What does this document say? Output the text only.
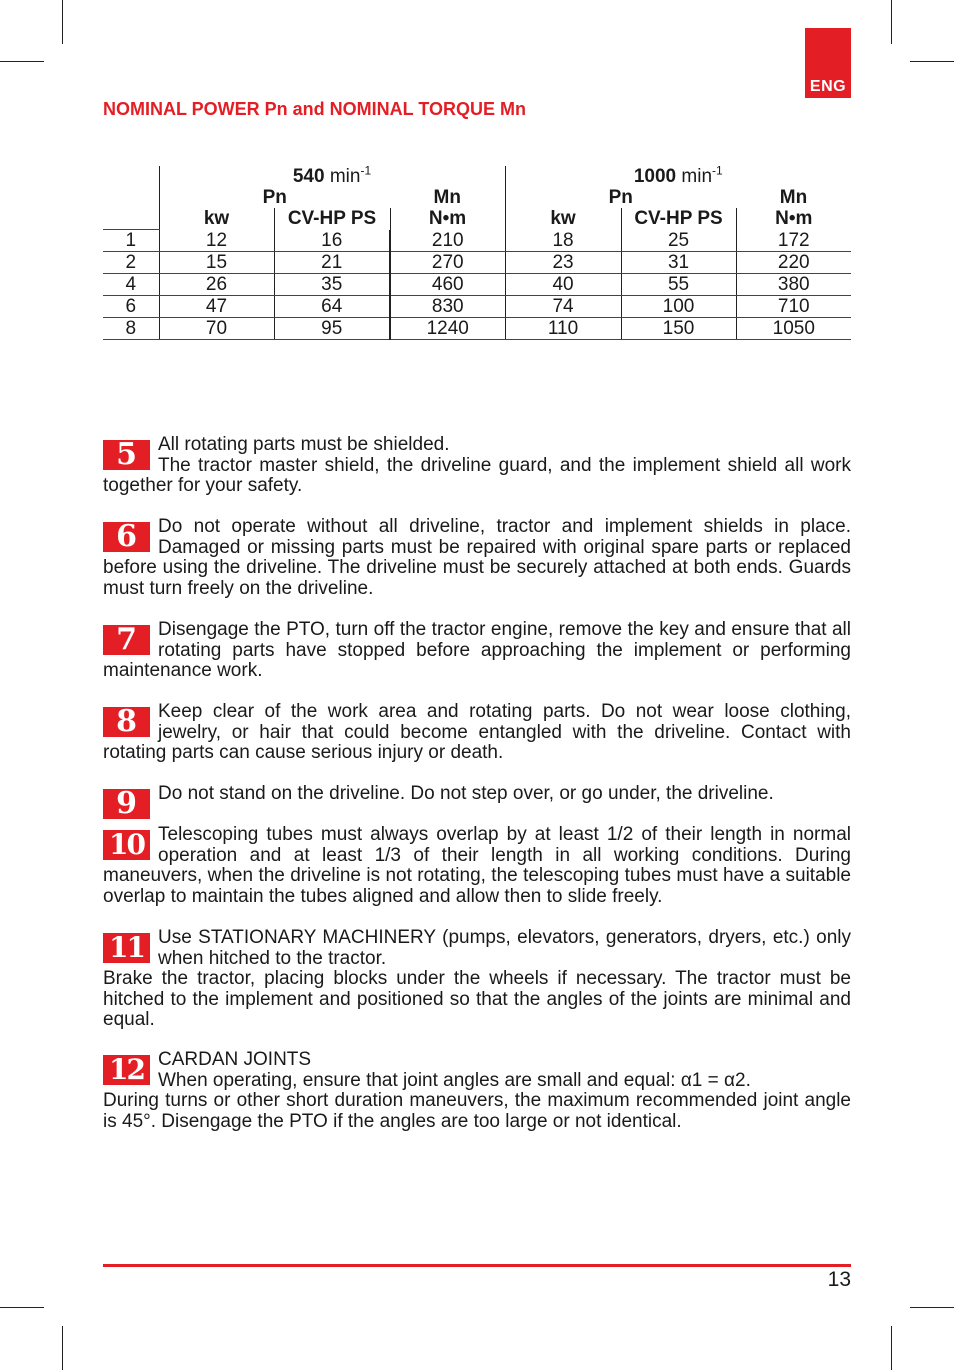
ENG
NOMINAL POWER Pn and NOMINAL TORQUE Mn
	540 $\min^{-1}$			1000 $\min^{-1}$
	Pn		Mn	Pn		Mn
	kw	CV-HP PS	N•m	kw	CV-HP PS	N•m
1	12	16	210	18	25	172
2	15	21	270	23	31	220
4	26	35	460	40	55	380
6	47	64	830	74	100	710
8	70	95	1240	110	150	1050
5	All rotating parts must be shielded.
The tractor master shield, the driveline guard, and the implement shield all work together for your safety.
6	Do not operate without all driveline, tractor and implement shields in place. Damaged or missing parts must be repaired with original spare parts or replaced before using the driveline. The driveline must be securely attached at both ends. Guards must turn freely on the driveline.
7	Disengage the PTO, turn off the tractor engine, remove the key and ensure that all rotating parts have stopped before approaching the implement or performing maintenance work.
8	Keep clear of the work area and rotating parts. Do not wear loose clothing, jewelry, or hair that could become entangled with the driveline. Contact with rotating parts can cause serious injury or death.
9	Do not stand on the driveline. Do not step over, or go under, the driveline.
10 Telescoping tubes must always overlap by at least 1/2 of their length in normal operation and at least 1/3 of their length in all working conditions. During maneuvers, when the driveline is not rotating, the telescoping tubes must have a suitable overlap to maintain the tubes aligned and allow then to slide freely.
11 Use STATIONARY MACHINERY (pumps, elevators, generators, dryers, etc.) only when hitched to the tractor.
Brake the tractor, placing blocks under the wheels if necessary. The tractor must be hitched to the implement and positioned so that the angles of the joints are minimal and equal.
12 CARDAN JOINTS
When operating, ensure that joint angles are small and equal: α1 = α2.
During turns or other short duration maneuvers, the maximum recommended joint angle is 45°. Disengage the PTO if the angles are too large or not identical.
13
